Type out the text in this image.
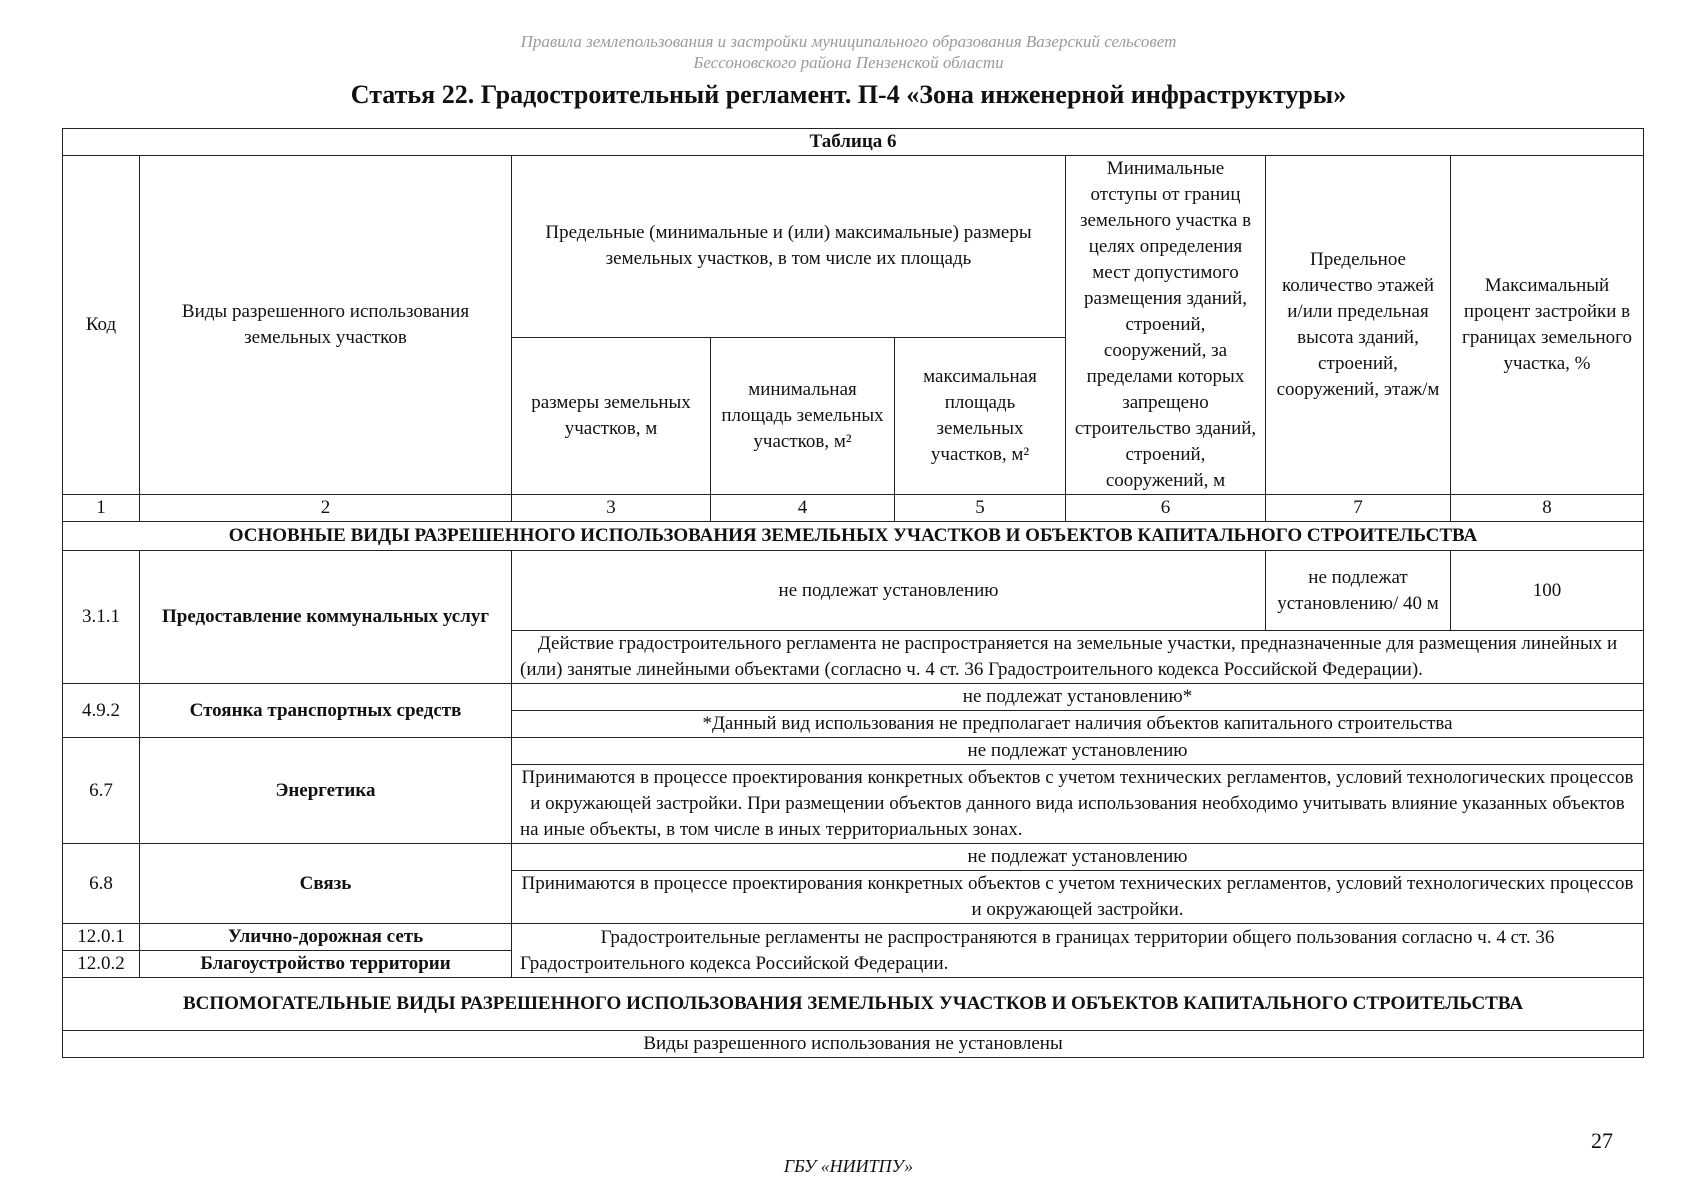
Правила землепользования и застройки муниципального образования Вазерский сельсовет
Бессоновского района Пензенской области
Статья 22. Градостроительный регламент. П-4 «Зона инженерной инфраструктуры»
Таблица 6							
Код	Виды разрешенного использования земельных участков	Предельные (минимальные и (или) максимальные) размеры земельных участков, в том числе их площадь			Минимальные отступы от границ земельного участка в целях определения мест допустимого размещения зданий, строений, сооружений, за пределами которых запрещено строительство зданий, строений, сооружений, м	Предельное количество этажей и/или предельная высота зданий, строений, сооружений, этаж/м	Максимальный процент застройки в границах земельного участка, %
		размеры земельных участков, м	минимальная площадь земельных участков, м²	максимальная площадь земельных участков, м²			
1	2	3	4	5	6	7	8
ОСНОВНЫЕ ВИДЫ РАЗРЕШЕННОГО ИСПОЛЬЗОВАНИЯ ЗЕМЕЛЬНЫХ УЧАСТКОВ И ОБЪЕКТОВ КАПИТАЛЬНОГО СТРОИТЕЛЬСТВА							
3.1.1	Предоставление коммунальных услуг	не подлежат установлению				не подлежат установлению/ 40 м	100
		Действие градостроительного регламента не распространяется на земельные участки, предназначенные для размещения линейных и (или) занятые линейными объектами (согласно ч. 4 ст. 36 Градостроительного кодекса Российской Федерации).					
4.9.2	Стоянка транспортных средств	не подлежат установлению*					
		*Данный вид использования не предполагает наличия объектов капитального строительства					
6.7	Энергетика	не подлежат установлению					
		Принимаются в процессе проектирования конкретных объектов с учетом технических регламентов, условий технологических процессов и окружающей застройки. При размещении объектов данного вида использования необходимо учитывать влияние указанных объектов на иные объекты, в том числе в иных территориальных зонах.					
6.8	Связь	не подлежат установлению					
		Принимаются в процессе проектирования конкретных объектов с учетом технических регламентов, условий технологических процессов и окружающей застройки.					
12.0.1	Улично-дорожная сеть	Градостроительные регламенты не распространяются в границах территории общего пользования согласно ч. 4 ст. 36 Градостроительного кодекса Российской Федерации.					
12.0.2	Благоустройство территории						
ВСПОМОГАТЕЛЬНЫЕ ВИДЫ РАЗРЕШЕННОГО ИСПОЛЬЗОВАНИЯ ЗЕМЕЛЬНЫХ УЧАСТКОВ И ОБЪЕКТОВ КАПИТАЛЬНОГО СТРОИТЕЛЬСТВА							
Виды разрешенного использования не установлены							
27
ГБУ «НИИТПУ»
